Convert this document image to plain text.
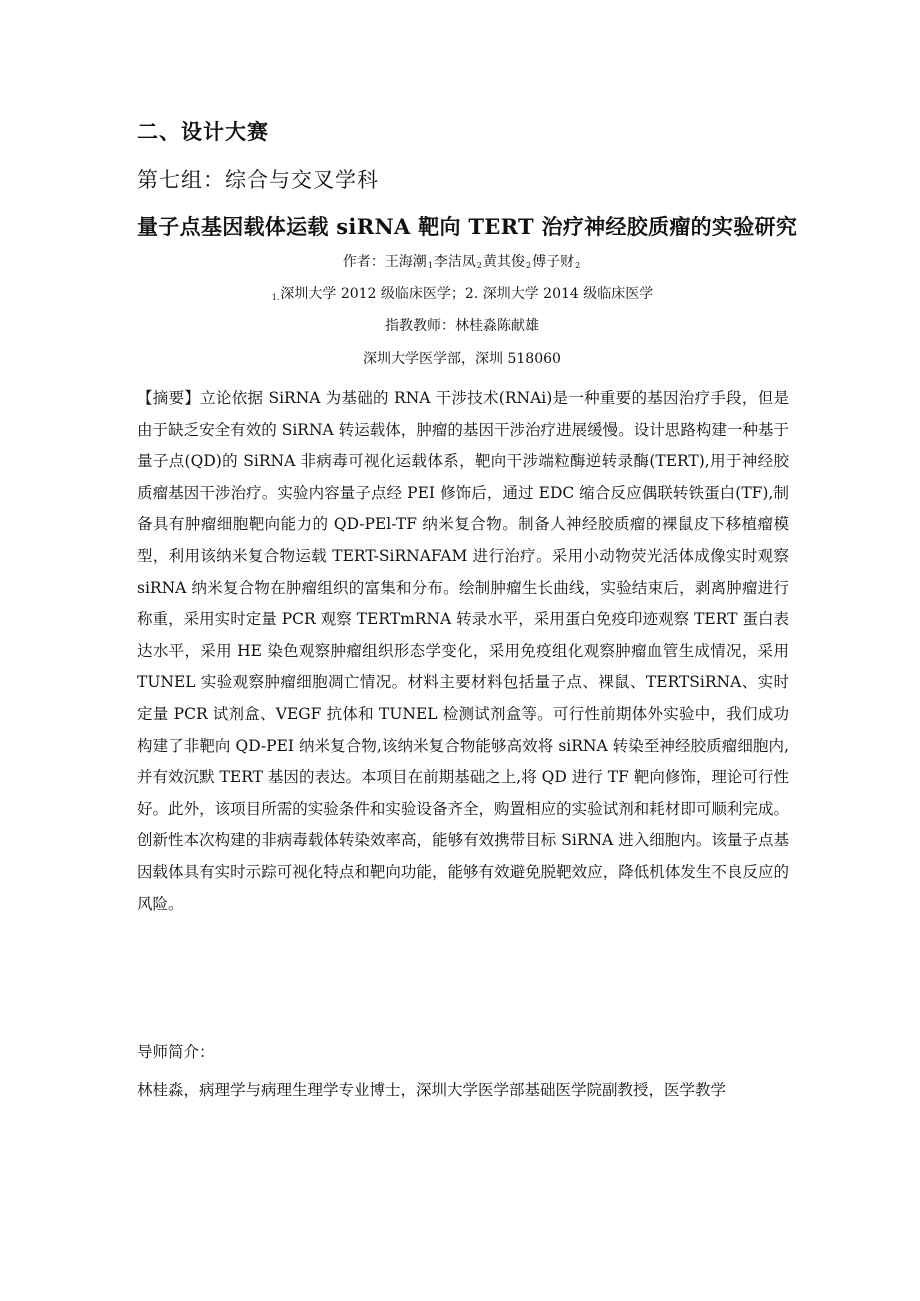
二、设计大赛
第七组：综合与交叉学科
量子点基因载体运载 siRNA 靶向 TERT 治疗神经胶质瘤的实验研究
作者：王海潮$_1$李洁凤$_2$黄其俊$_2$傅子财$_2$
$_{1.}$深圳大学 2012 级临床医学；2. 深圳大学 2014 级临床医学
指教教师：林桂淼陈献雄
深圳大学医学部，深圳 518060
【摘要】立论依据 SiRNA 为基础的 RNA 干涉技术(RNAi)是一种重要的基因治疗手段，但是由于缺乏安全有效的 SiRNA 转运载体，肿瘤的基因干涉治疗进展缓慢。设计思路构建一种基于量子点(QD)的 SiRNA 非病毒可视化运载体系，靶向干涉端粒酶逆转录酶(TERT),用于神经胶质瘤基因干涉治疗。实验内容量子点经 PEI 修饰后，通过 EDC 缩合反应偶联转铁蛋白(TF),制备具有肿瘤细胞靶向能力的 QD-PEl-TF 纳米复合物。制备人神经胶质瘤的裸鼠皮下移植瘤模型，利用该纳米复合物运载 TERT-SiRNAFAM 进行治疗。采用小动物荧光活体成像实时观察 siRNA 纳米复合物在肿瘤组织的富集和分布。绘制肿瘤生长曲线，实验结束后，剥离肿瘤进行称重，采用实时定量 PCR 观察 TERTmRNA 转录水平，采用蛋白免疫印迹观察 TERT 蛋白表达水平，采用 HE 染色观察肿瘤组织形态学变化，采用免疫组化观察肿瘤血管生成情况，采用 TUNEL 实验观察肿瘤细胞凋亡情况。材料主要材料包括量子点、裸鼠、TERTSiRNA、实时定量 PCR 试剂盒、VEGF 抗体和 TUNEL 检测试剂盒等。可行性前期体外实验中，我们成功构建了非靶向 QD-PEI 纳米复合物,该纳米复合物能够高效将 siRNA 转染至神经胶质瘤细胞内,并有效沉默 TERT 基因的表达。本项目在前期基础之上,将 QD 进行 TF 靶向修饰，理论可行性好。此外，该项目所需的实验条件和实验设备齐全，购置相应的实验试剂和耗材即可顺利完成。创新性本次构建的非病毒载体转染效率高，能够有效携带目标 SiRNA 进入细胞内。该量子点基因载体具有实时示踪可视化特点和靶向功能，能够有效避免脱靶效应，降低机体发生不良反应的风险。
导师简介：
林桂淼，病理学与病理生理学专业博士，深圳大学医学部基础医学院副教授，医学教学
